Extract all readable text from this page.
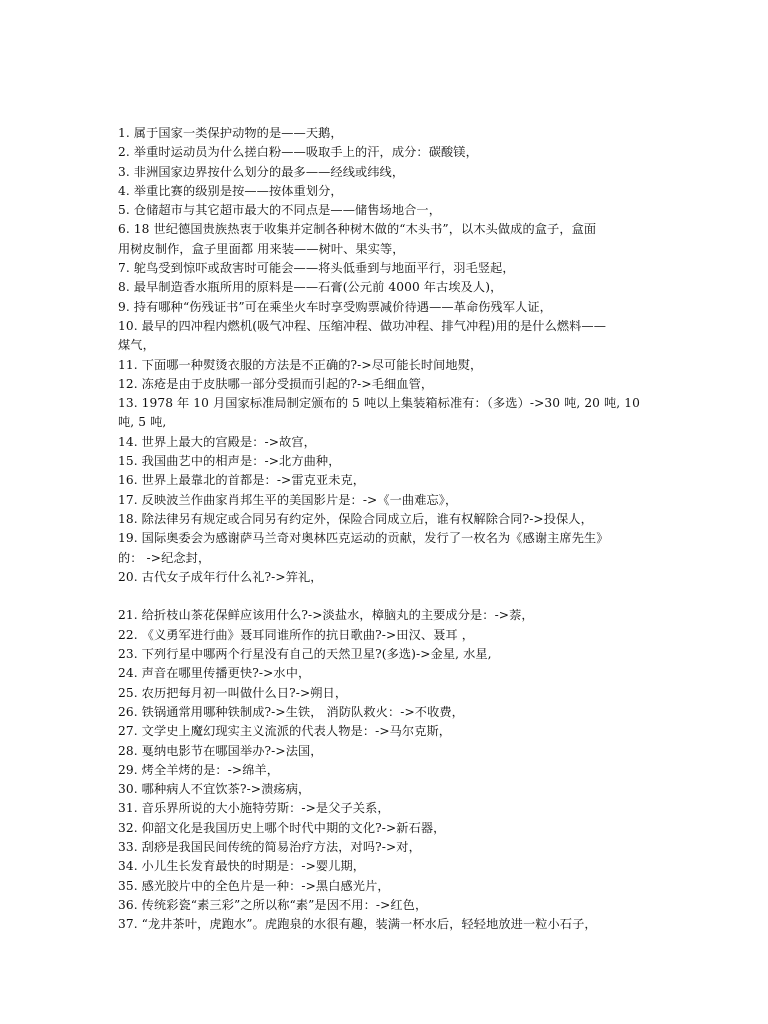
1. 属于国家一类保护动物的是——天鹅，
2. 举重时运动员为什么搓白粉——吸取手上的汗，成分：碳酸镁，
3. 非洲国家边界按什么划分的最多——经线或纬线，
4. 举重比赛的级别是按——按体重划分，
5. 仓储超市与其它超市最大的不同点是——储售场地合一，
6. 18 世纪德国贵族热衷于收集并定制各种树木做的“木头书”，以木头做成的盒子，盒面
用树皮制作，盒子里面都 用来装——树叶、果实等，
7. 鸵鸟受到惊吓或敌害时可能会——将头低垂到与地面平行，羽毛竖起，
8. 最早制造香水瓶所用的原料是——石膏(公元前 4000 年古埃及人)，
9. 持有哪种“伤残证书”可在乘坐火车时享受购票减价待遇——革命伤残军人证，
10. 最早的四冲程内燃机(吸气冲程、压缩冲程、做功冲程、排气冲程)用的是什么燃料——
煤气，
11. 下面哪一种熨烫衣服的方法是不正确的?->尽可能长时间地熨，
12. 冻疮是由于皮肤哪一部分受损而引起的?->毛细血管，
13. 1978 年 10 月国家标准局制定颁布的 5 吨以上集装箱标准有：（多选）->30 吨, 20 吨, 10
吨, 5 吨,
14. 世界上最大的宫殿是：->故宫，
15. 我国曲艺中的相声是：->北方曲种，
16. 世界上最靠北的首都是：->雷克亚未克，
17. 反映波兰作曲家肖邦生平的美国影片是：->《一曲难忘》，
18. 除法律另有规定或合同另有约定外，保险合同成立后，谁有权解除合同?->投保人，
19. 国际奥委会为感谢萨马兰奇对奥林匹克运动的贡献，发行了一枚名为《感谢主席先生》
的： ->纪念封，
20. 古代女子成年行什么礼?->笄礼，
21. 给折枝山茶花保鲜应该用什么?->淡盐水，樟脑丸的主要成分是：->萘，
22. 《义勇军进行曲》聂耳同谁所作的抗日歌曲?->田汉、聂耳 ，
23. 下列行星中哪两个行星没有自己的天然卫星?(多选)->金星, 水星,
24. 声音在哪里传播更快?->水中，
25. 农历把每月初一叫做什么日?->朔日，
26. 铁锅通常用哪种铁制成?->生铁， 消防队救火：->不收费，
27. 文学史上魔幻现实主义流派的代表人物是：->马尔克斯，
28. 戛纳电影节在哪国举办?->法国，
29. 烤全羊烤的是：->绵羊，
30. 哪种病人不宜饮茶?->溃疡病，
31. 音乐界所说的大小施特劳斯：->是父子关系，
32. 仰韶文化是我国历史上哪个时代中期的文化?->新石器，
33. 刮痧是我国民间传统的简易治疗方法，对吗?->对，
34. 小儿生长发育最快的时期是：->婴儿期，
35. 感光胶片中的全色片是一种：->黑白感光片，
36. 传统彩瓷“素三彩”之所以称“素”是因不用：->红色，
37. “龙井茶叶，虎跑水”。虎跑泉的水很有趣，装满一杯水后，轻轻地放进一粒小石子，
